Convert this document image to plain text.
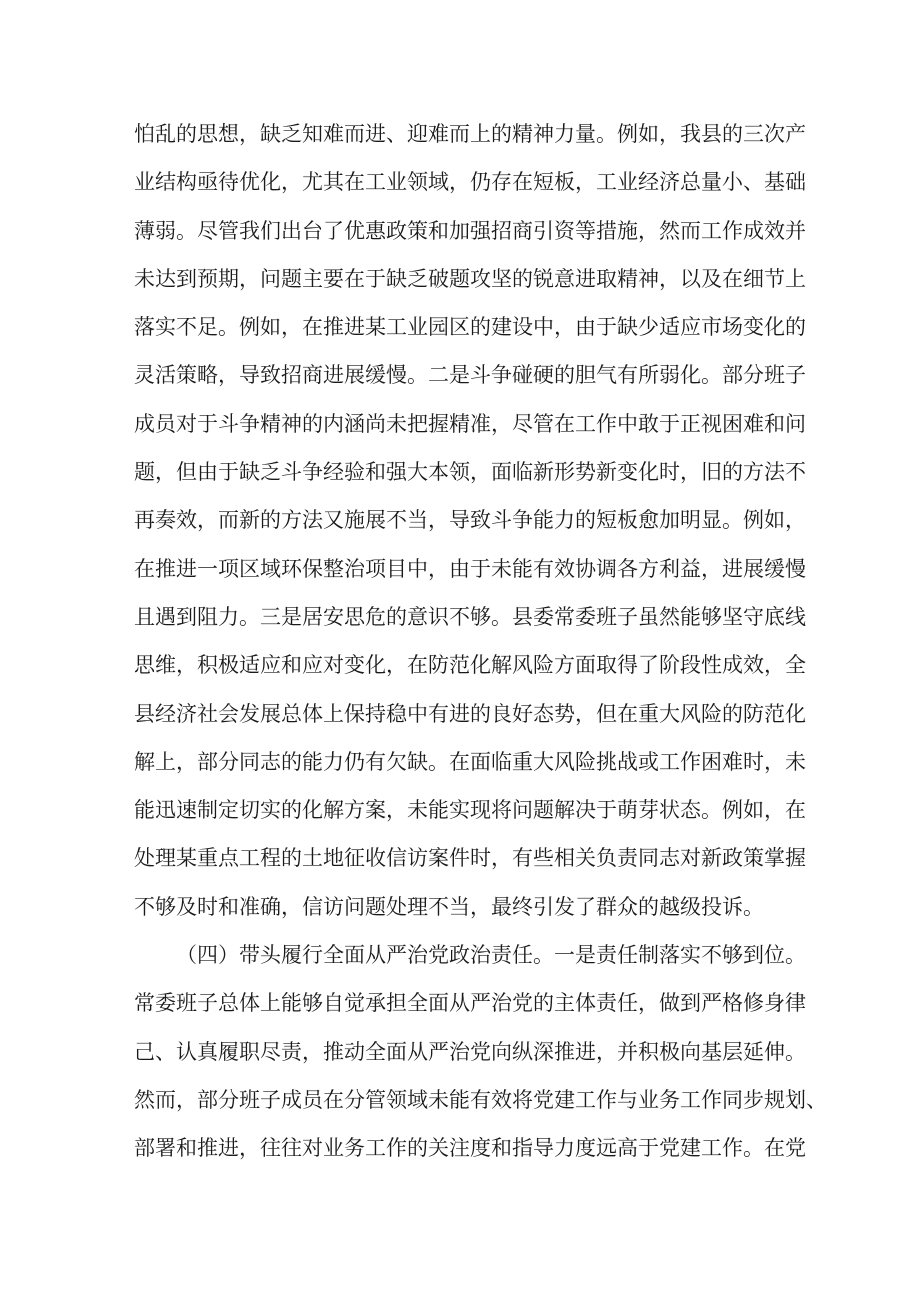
怕乱的思想，缺乏知难而进、迎难而上的精神力量。例如，我县的三次产
业结构亟待优化，尤其在工业领域，仍存在短板，工业经济总量小、基础
薄弱。尽管我们出台了优惠政策和加强招商引资等措施，然而工作成效并
未达到预期，问题主要在于缺乏破题攻坚的锐意进取精神，以及在细节上
落实不足。例如，在推进某工业园区的建设中，由于缺少适应市场变化的
灵活策略，导致招商进展缓慢。二是斗争碰硬的胆气有所弱化。部分班子
成员对于斗争精神的内涵尚未把握精准，尽管在工作中敢于正视困难和问
题，但由于缺乏斗争经验和强大本领，面临新形势新变化时，旧的方法不
再奏效，而新的方法又施展不当，导致斗争能力的短板愈加明显。例如，
在推进一项区域环保整治项目中，由于未能有效协调各方利益，进展缓慢
且遇到阻力。三是居安思危的意识不够。县委常委班子虽然能够坚守底线
思维，积极适应和应对变化，在防范化解风险方面取得了阶段性成效，全
县经济社会发展总体上保持稳中有进的良好态势，但在重大风险的防范化
解上，部分同志的能力仍有欠缺。在面临重大风险挑战或工作困难时，未
能迅速制定切实的化解方案，未能实现将问题解决于萌芽状态。例如，在
处理某重点工程的土地征收信访案件时，有些相关负责同志对新政策掌握
不够及时和准确，信访问题处理不当，最终引发了群众的越级投诉。
（四）带头履行全面从严治党政治责任。一是责任制落实不够到位。
常委班子总体上能够自觉承担全面从严治党的主体责任，做到严格修身律
己、认真履职尽责，推动全面从严治党向纵深推进，并积极向基层延伸。
然而，部分班子成员在分管领域未能有效将党建工作与业务工作同步规划、
部署和推进，往往对业务工作的关注度和指导力度远高于党建工作。在党
